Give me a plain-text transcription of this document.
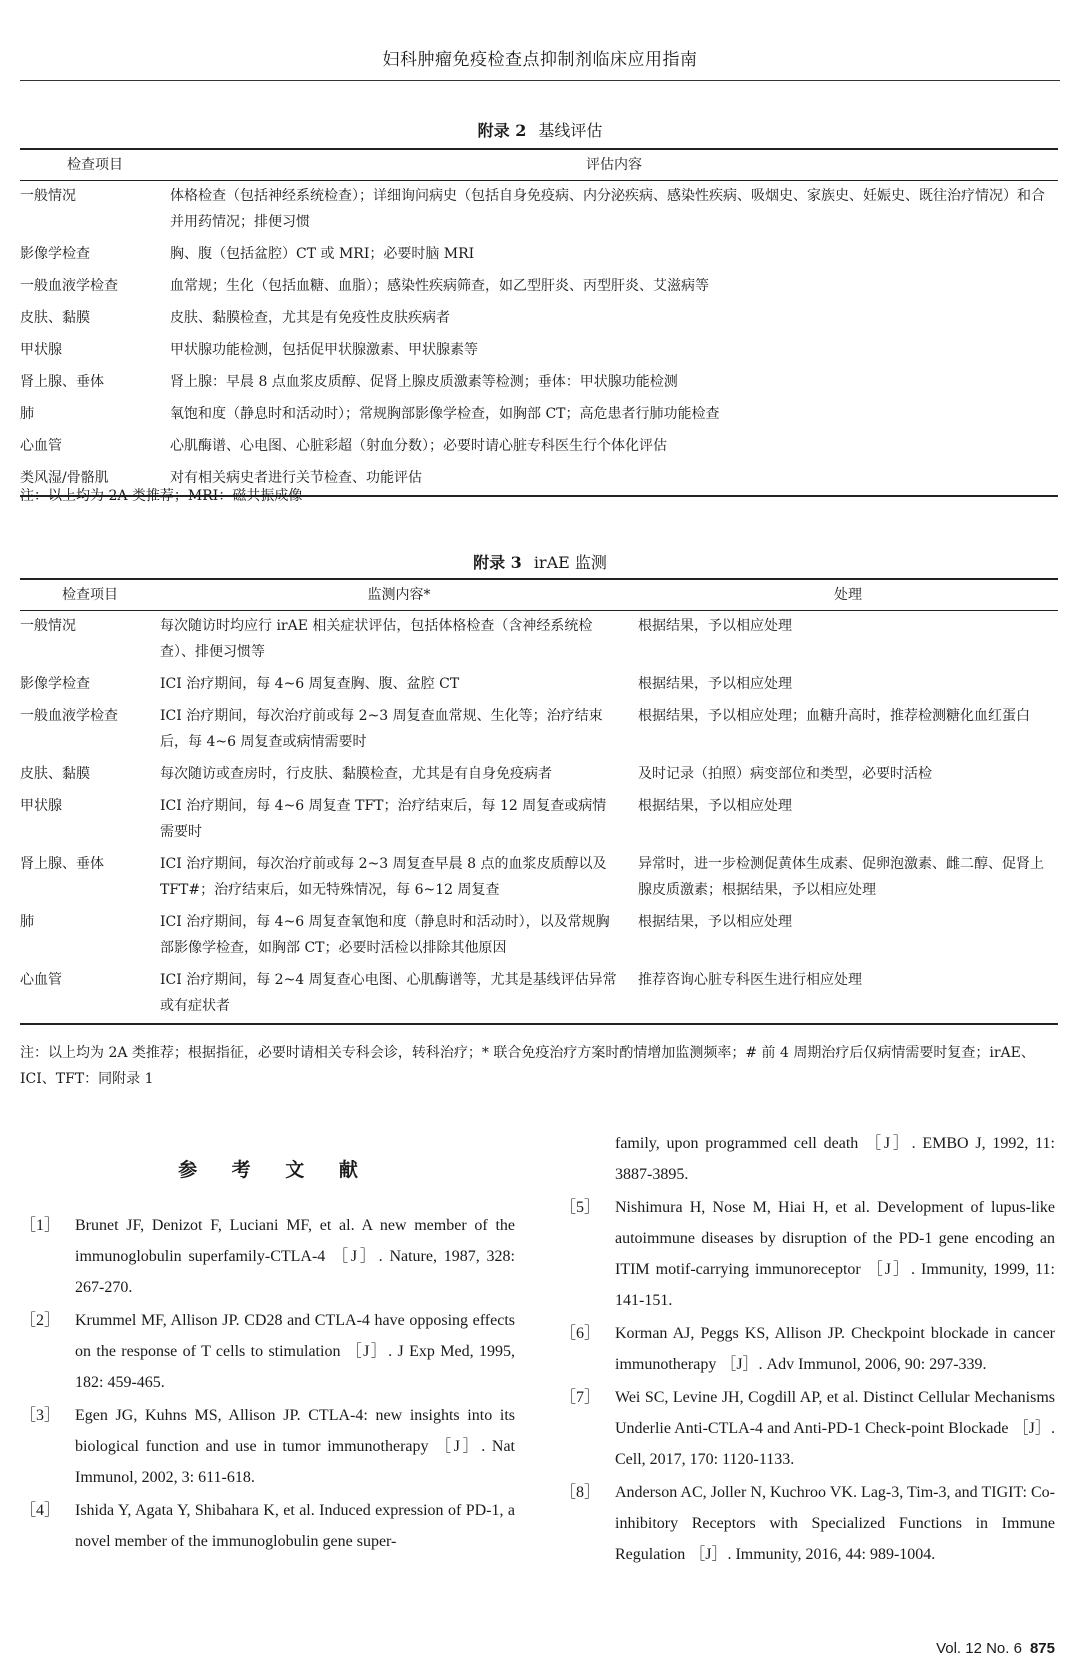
妇科肿瘤免疫检查点抑制剂临床应用指南
附录 2 基线评估
检查项目	评估内容
一般情况	体格检查（包括神经系统检查）；详细询问病史（包括自身免疫病、内分泌疾病、感染性疾病、吸烟史、家族史、妊娠史、既往治疗情况）和合并用药情况；排便习惯
影像学检查	胸、腹（包括盆腔）CT 或 MRI；必要时脑 MRI
一般血液学检查	血常规；生化（包括血糖、血脂）；感染性疾病筛查，如乙型肝炎、丙型肝炎、艾滋病等
皮肤、黏膜	皮肤、黏膜检查，尤其是有免疫性皮肤疾病者
甲状腺	甲状腺功能检测，包括促甲状腺激素、甲状腺素等
肾上腺、垂体	肾上腺：早晨 8 点血浆皮质醇、促肾上腺皮质激素等检测；垂体：甲状腺功能检测
肺	氧饱和度（静息时和活动时）；常规胸部影像学检查，如胸部 CT；高危患者行肺功能检查
心血管	心肌酶谱、心电图、心脏彩超（射血分数）；必要时请心脏专科医生行个体化评估
类风湿/骨骼肌	对有相关病史者进行关节检查、功能评估
注：以上均为 2A 类推荐；MRI：磁共振成像
附录 3 irAE 监测
检查项目	监测内容*	处理
一般情况	每次随访时均应行 irAE 相关症状评估，包括体格检查（含神经系统检查）、排便习惯等	根据结果，予以相应处理
影像学检查	ICI 治疗期间，每 4~6 周复查胸、腹、盆腔 CT	根据结果，予以相应处理
一般血液学检查	ICI 治疗期间，每次治疗前或每 2~3 周复查血常规、生化等；治疗结束后，每 4~6 周复查或病情需要时	根据结果，予以相应处理；血糖升高时，推荐检测糖化血红蛋白
皮肤、黏膜	每次随访或查房时，行皮肤、黏膜检查，尤其是有自身免疫病者	及时记录（拍照）病变部位和类型，必要时活检
甲状腺	ICI 治疗期间，每 4~6 周复查 TFT；治疗结束后，每 12 周复查或病情需要时	根据结果，予以相应处理
肾上腺、垂体	ICI 治疗期间，每次治疗前或每 2~3 周复查早晨 8 点的血浆皮质醇以及 TFT#；治疗结束后，如无特殊情况，每 6~12 周复查	异常时，进一步检测促黄体生成素、促卵泡激素、雌二醇、促肾上腺皮质激素；根据结果，予以相应处理
肺	ICI 治疗期间，每 4~6 周复查氧饱和度（静息时和活动时），以及常规胸部影像学检查，如胸部 CT；必要时活检以排除其他原因	根据结果，予以相应处理
心血管	ICI 治疗期间，每 2~4 周复查心电图、心肌酶谱等，尤其是基线评估异常或有症状者	推荐咨询心脏专科医生进行相应处理
注：以上均为 2A 类推荐；根据指征，必要时请相关专科会诊，转科治疗；* 联合免疫治疗方案时酌情增加监测频率；# 前 4 周期治疗后仅病情需要时复查；irAE、ICI、TFT：同附录 1
参 考 文 献
［1］ Brunet JF, Denizot F, Luciani MF, et al. A new member of the immunoglobulin superfamily-CTLA-4 ［J］. Nature, 1987, 328: 267-270.
［2］ Krummel MF, Allison JP. CD28 and CTLA-4 have opposing effects on the response of T cells to stimulation ［J］. J Exp Med, 1995, 182: 459-465.
［3］ Egen JG, Kuhns MS, Allison JP. CTLA-4: new insights into its biological function and use in tumor immunotherapy ［J］. Nat Immunol, 2002, 3: 611-618.
［4］ Ishida Y, Agata Y, Shibahara K, et al. Induced expression of PD-1, a novel member of the immunoglobulin gene super-
family, upon programmed cell death ［J］. EMBO J, 1992, 11: 3887-3895.
［5］ Nishimura H, Nose M, Hiai H, et al. Development of lupus-like autoimmune diseases by disruption of the PD-1 gene encoding an ITIM motif-carrying immunoreceptor ［J］. Immunity, 1999, 11: 141-151.
［6］ Korman AJ, Peggs KS, Allison JP. Checkpoint blockade in cancer immunotherapy ［J］. Adv Immunol, 2006, 90: 297-339.
［7］ Wei SC, Levine JH, Cogdill AP, et al. Distinct Cellular Mechanisms Underlie Anti-CTLA-4 and Anti-PD-1 Check-point Blockade ［J］. Cell, 2017, 170: 1120-1133.
［8］ Anderson AC, Joller N, Kuchroo VK. Lag-3, Tim-3, and TIGIT: Co-inhibitory Receptors with Specialized Functions in Immune Regulation ［J］. Immunity, 2016, 44: 989-1004.
Vol. 12 No. 6 875
